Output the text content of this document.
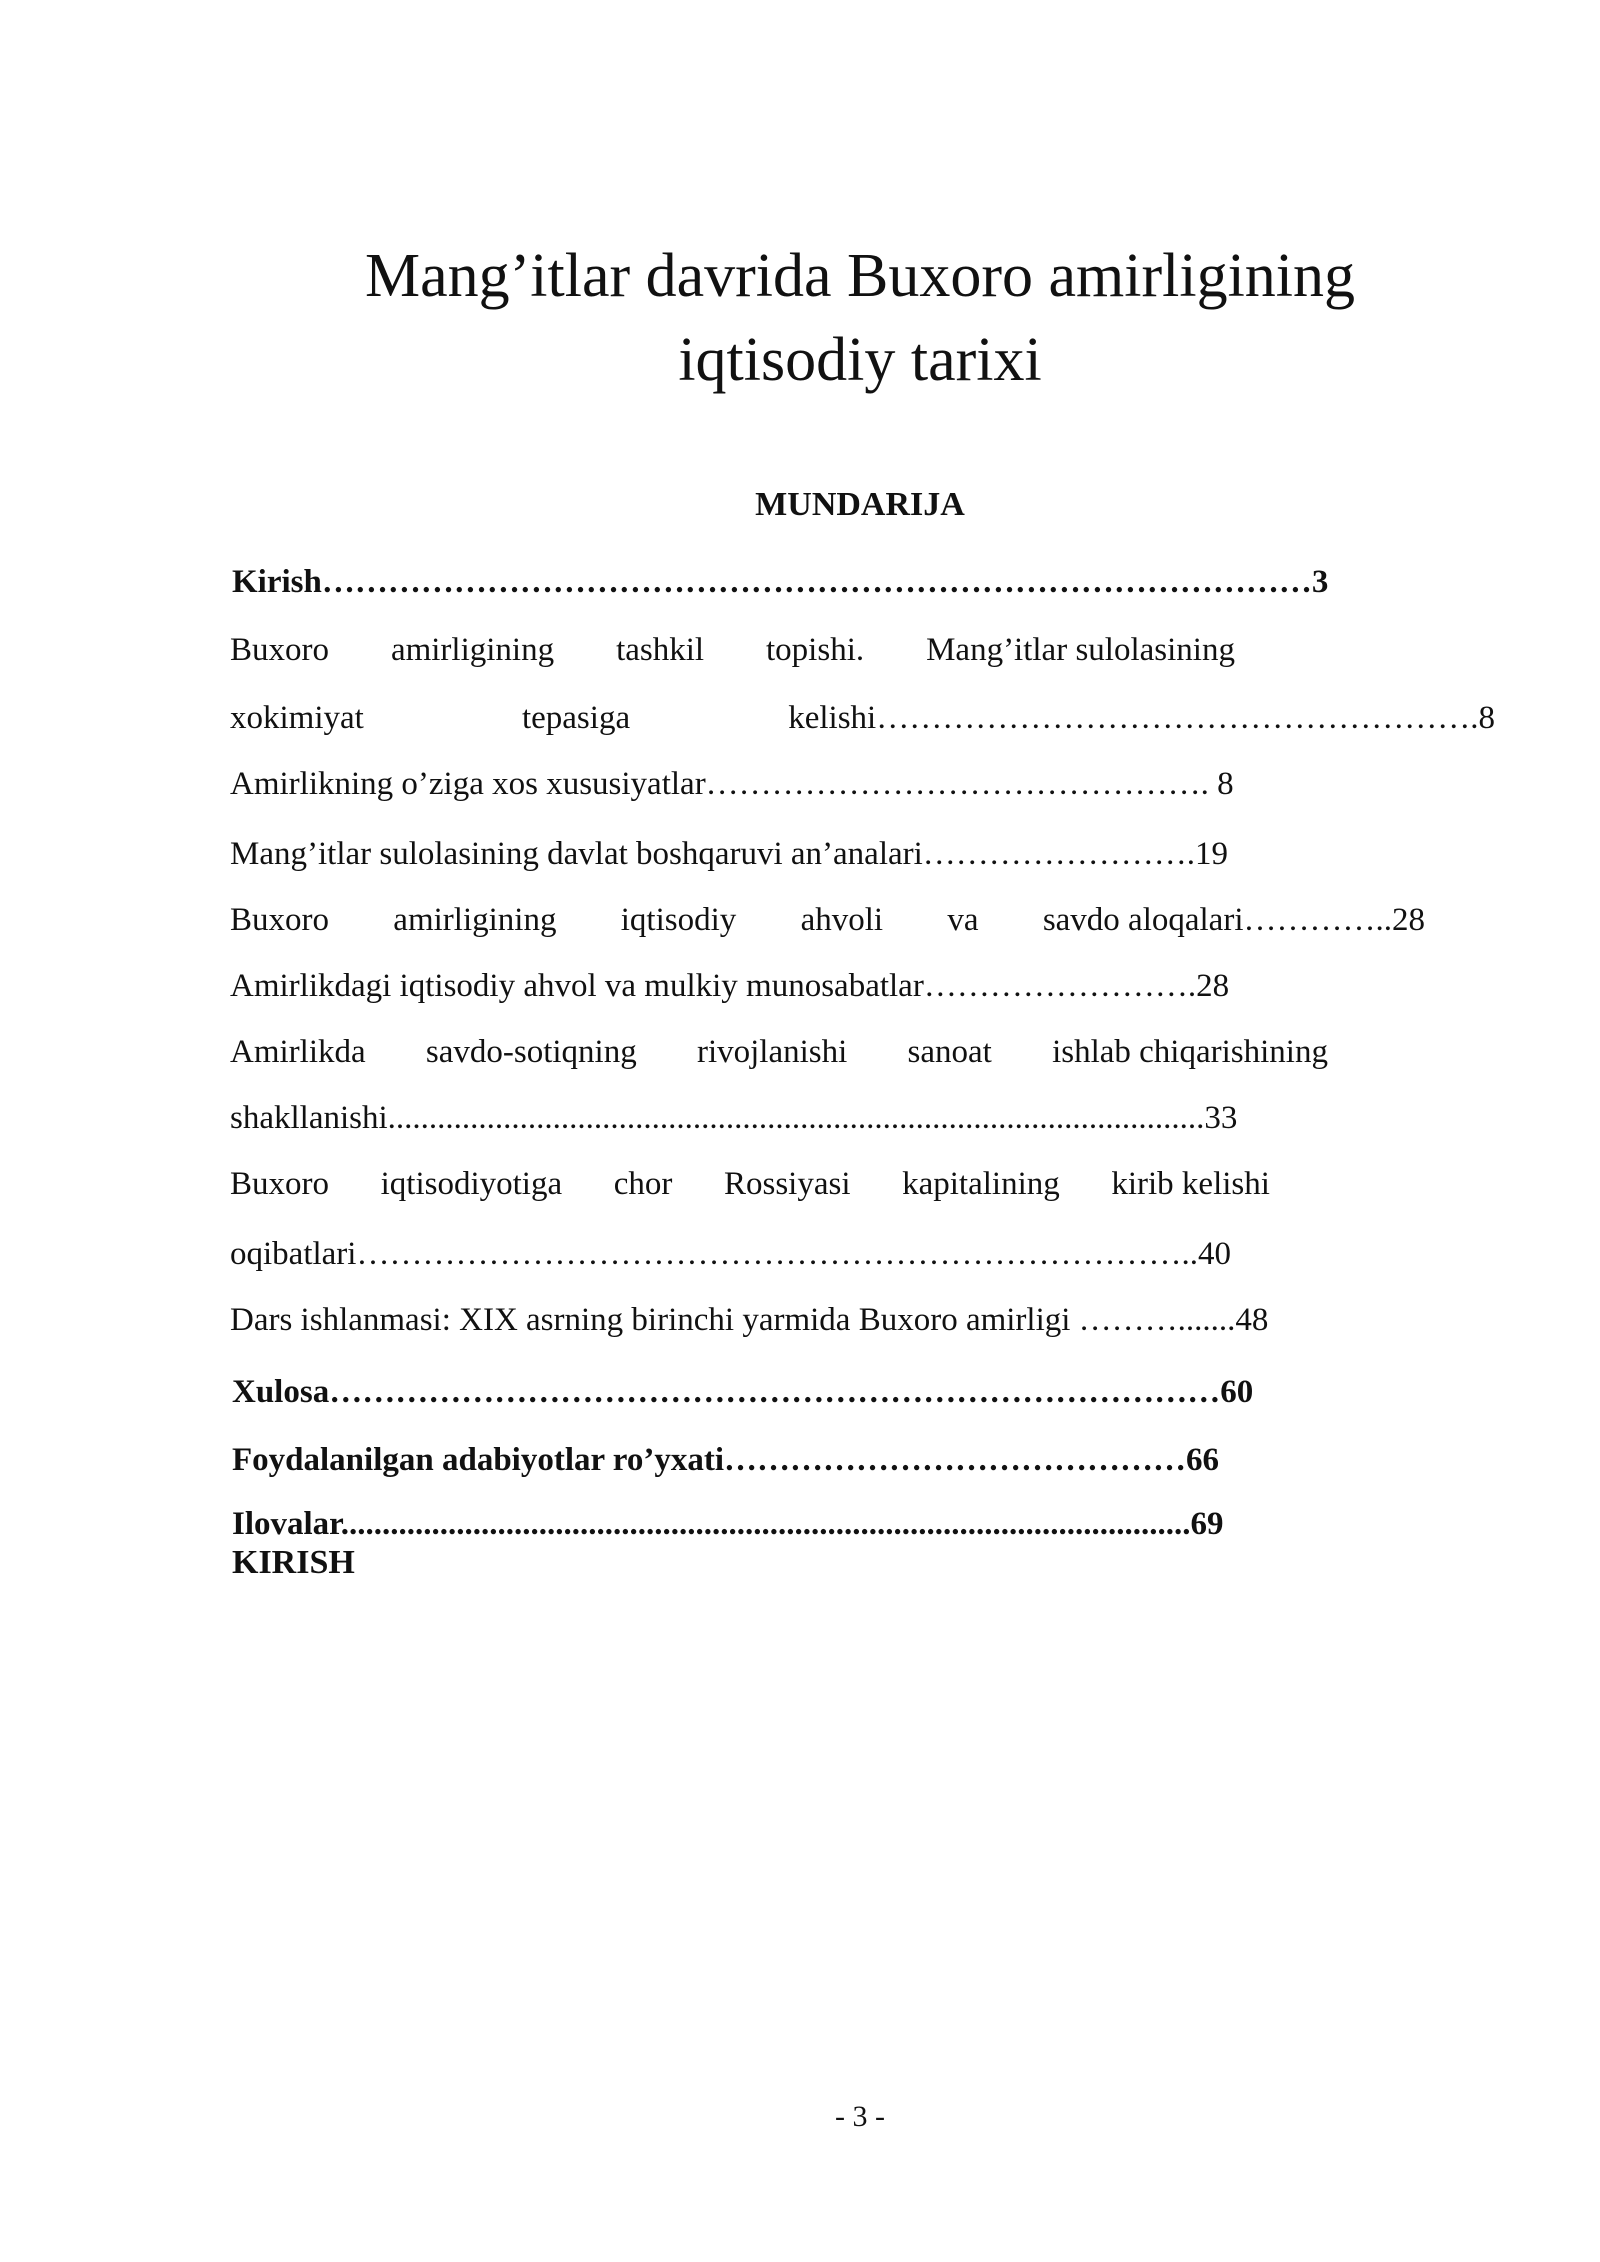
Mang’itlar davrida Buxoro amirligining
iqtisodiy tarixi
MUNDARIJA
Kirish………………………………………………………………………………3
Buxoro amirligining tashkil topishi. Mang’itlar sulolasining
xokimiyat	tepasiga	kelishi……………………………………………….8
Amirlikning o’ziga xos xususiyatlar………………………………………. 8
Mang’itlar sulolasining davlat boshqaruvi an’analari…………………….19
Buxoro amirligining iqtisodiy ahvoli va savdo aloqalari…………..28
Amirlikdagi iqtisodiy ahvol va mulkiy munosabatlar…………………….28
Amirlikda savdo-sotiqning rivojlanishi sanoat ishlab chiqarishining
shakllanishi...................................................................................................33
Buxoro iqtisodiyotiga chor Rossiyasi kapitalining kirib kelishi
oqibatlari…………………………………………………………………..40
Dars ishlanmasi: XIX asrning birinchi yarmida Buxoro amirligi ……….......48
Xulosa………………………………………………………………………60
Foydalanilgan adabiyotlar ro’yxati……………………………………66
Ilovalar.......................................................................................................69
KIRISH
- 3 -
